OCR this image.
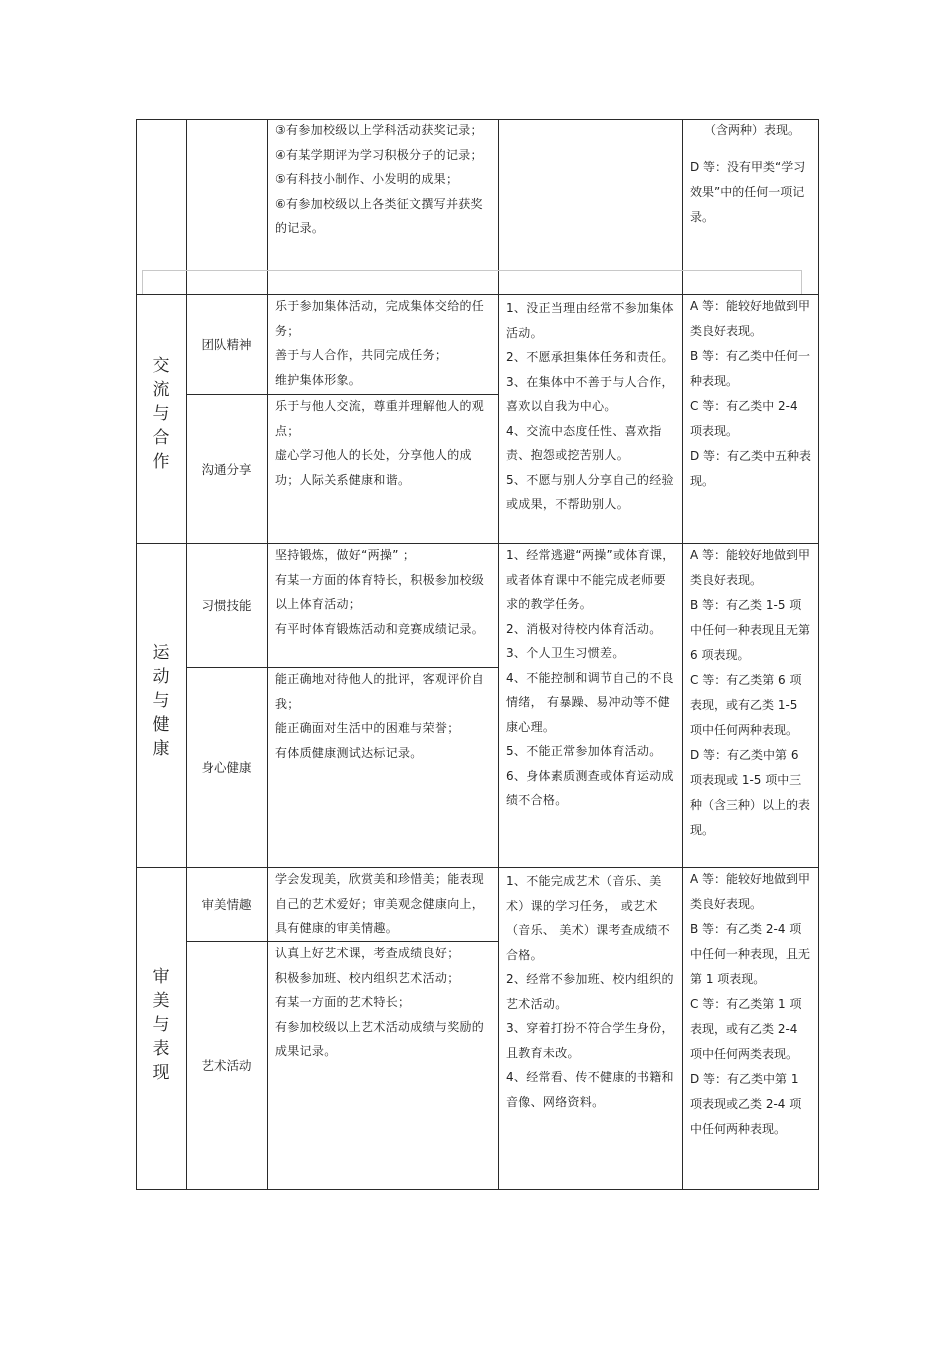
③有参加校级以上学科活动获奖记录；

④有某学期评为学习积极分子的记录；

⑤有科技小制作、小发明的成果；

⑥有参加校级以上各类征文撰写并获奖的记录。

（含两种）表现。

D 等：没有甲类“学习效果”中的任何一项记录。

交
流
与
合
作
团队精神
沟通分享

乐于参加集体活动，完成集体交给的任务；

善于与人合作，共同完成任务；

维护集体形象。

乐于与他人交流，尊重并理解他人的观点；

虚心学习他人的长处，分享他人的成功；人际关系健康和谐。

1、没正当理由经常不参加集体活动。

2、不愿承担集体任务和责任。

3、在集体中不善于与人合作，喜欢以自我为中心。

4、交流中态度任性、喜欢指责、抱怨或挖苦别人。

5、不愿与别人分享自己的经验或成果，不帮助别人。

A 等：能较好地做到甲类良好表现。

B 等：有乙类中任何一种表现。

C 等：有乙类中 2-4 项表现。

D 等：有乙类中五种表现。

运
动
与
健
康
习惯技能
身心健康

坚持锻炼，做好“两操” ；

有某一方面的体育特长，积极参加校级以上体育活动；

有平时体育锻炼活动和竞赛成绩记录。

能正确地对待他人的批评，客观评价自我；

能正确面对生活中的困难与荣誉；

有体质健康测试达标记录。

1、经常逃避“两操”或体育课，或者体育课中不能完成老师要求的教学任务。

2、消极对待校内体育活动。

3、个人卫生习惯差。

4、不能控制和调节自己的不良情绪， 有暴躁、易冲动等不健康心理。

5、不能正常参加体育活动。

6、身体素质测查或体育运动成绩不合格。

A 等：能较好地做到甲类良好表现。

B 等：有乙类 1-5 项中任何一种表现且无第 6 项表现。

C 等：有乙类第 6 项表现，或有乙类 1-5 项中任何两种表现。

D 等：有乙类中第 6 项表现或 1-5 项中三种（含三种）以上的表现。

审
美
与
表
现
审美情趣
艺术活动

学会发现美，欣赏美和珍惜美；能表现自己的艺术爱好；审美观念健康向上，具有健康的审美情趣。

认真上好艺术课，考查成绩良好；

积极参加班、校内组织艺术活动；

有某一方面的艺术特长；

有参加校级以上艺术活动成绩与奖励的成果记录。

1、不能完成艺术（音乐、美术）课的学习任务， 或艺术（音乐、 美术）课考查成绩不合格。

2、经常不参加班、校内组织的艺术活动。

3、穿着打扮不符合学生身份，且教育未改。

4、经常看、传不健康的书籍和音像、网络资料。

A 等：能较好地做到甲类良好表现。

B 等：有乙类 2-4 项中任何一种表现，且无第 1 项表现。

C 等：有乙类第 1 项表现，或有乙类 2-4 项中任何两类表现。

D 等：有乙类中第 1 项表现或乙类 2-4 项中任何两种表现。
